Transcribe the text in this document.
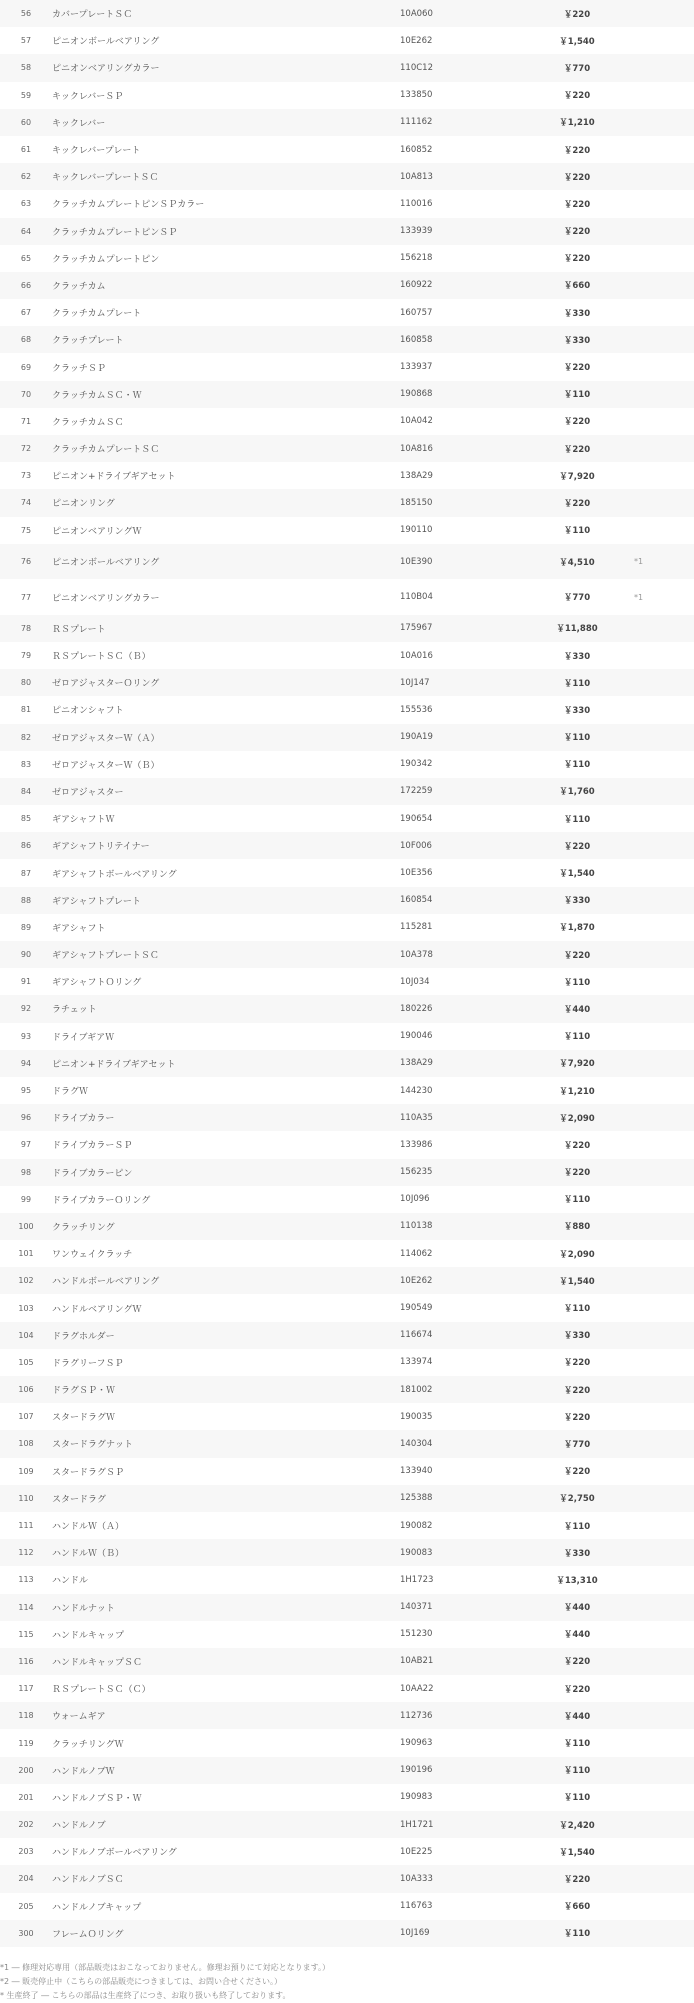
56	カバープレートＳＣ	10A060	￥220	
57	ピニオンボールベアリング	10E262	￥1,540	
58	ピニオンベアリングカラー	110C12	￥770	
59	キックレバーＳＰ	133850	￥220	
60	キックレバー	111162	￥1,210	
61	キックレバープレート	160852	￥220	
62	キックレバープレートＳＣ	10A813	￥220	
63	クラッチカムプレートピンＳＰカラー	110016	￥220	
64	クラッチカムプレートピンＳＰ	133939	￥220	
65	クラッチカムプレートピン	156218	￥220	
66	クラッチカム	160922	￥660	
67	クラッチカムプレート	160757	￥330	
68	クラッチプレート	160858	￥330	
69	クラッチＳＰ	133937	￥220	
70	クラッチカムＳＣ・Ｗ	190868	￥110	
71	クラッチカムＳＣ	10A042	￥220	
72	クラッチカムプレートＳＣ	10A816	￥220	
73	ピニオン+ドライブギアセット	138A29	￥7,920	
74	ピニオンリング	185150	￥220	
75	ピニオンベアリングＷ	190110	￥110	
76	ピニオンボールベアリング	10E390	￥4,510	*1
77	ピニオンベアリングカラー	110B04	￥770	*1
78	ＲＳプレート	175967	￥11,880	
79	ＲＳプレートＳＣ（Ｂ）	10A016	￥330	
80	ゼロアジャスターＯリング	10J147	￥110	
81	ピニオンシャフト	155536	￥330	
82	ゼロアジャスターＷ（Ａ）	190A19	￥110	
83	ゼロアジャスターＷ（Ｂ）	190342	￥110	
84	ゼロアジャスター	172259	￥1,760	
85	ギアシャフトＷ	190654	￥110	
86	ギアシャフトリテイナー	10F006	￥220	
87	ギアシャフトボールベアリング	10E356	￥1,540	
88	ギアシャフトプレート	160854	￥330	
89	ギアシャフト	115281	￥1,870	
90	ギアシャフトプレートＳＣ	10A378	￥220	
91	ギアシャフトＯリング	10J034	￥110	
92	ラチェット	180226	￥440	
93	ドライブギアＷ	190046	￥110	
94	ピニオン+ドライブギアセット	138A29	￥7,920	
95	ドラグＷ	144230	￥1,210	
96	ドライブカラー	110A35	￥2,090	
97	ドライブカラーＳＰ	133986	￥220	
98	ドライブカラーピン	156235	￥220	
99	ドライブカラーＯリング	10J096	￥110	
100	クラッチリング	110138	￥880	
101	ワンウェイクラッチ	114062	￥2,090	
102	ハンドルボールベアリング	10E262	￥1,540	
103	ハンドルベアリングＷ	190549	￥110	
104	ドラグホルダー	116674	￥330	
105	ドラグリーフＳＰ	133974	￥220	
106	ドラグＳＰ・Ｗ	181002	￥220	
107	スタードラグＷ	190035	￥220	
108	スタードラグナット	140304	￥770	
109	スタードラグＳＰ	133940	￥220	
110	スタードラグ	125388	￥2,750	
111	ハンドルＷ（Ａ）	190082	￥110	
112	ハンドルＷ（Ｂ）	190083	￥330	
113	ハンドル	1H1723	￥13,310	
114	ハンドルナット	140371	￥440	
115	ハンドルキャップ	151230	￥440	
116	ハンドルキャップＳＣ	10AB21	￥220	
117	ＲＳプレートＳＣ（Ｃ）	10AA22	￥220	
118	ウォームギア	112736	￥440	
119	クラッチリングＷ	190963	￥110	
200	ハンドルノブＷ	190196	￥110	
201	ハンドルノブＳＰ・Ｗ	190983	￥110	
202	ハンドルノブ	1H1721	￥2,420	
203	ハンドルノブボールベアリング	10E225	￥1,540	
204	ハンドルノブＳＣ	10A333	￥220	
205	ハンドルノブキャップ	116763	￥660	
300	フレームＯリング	10J169	￥110	
*1 ― 修理対応専用（部品販売はおこなっておりません。修理お預りにて対応となります。）
*2 ― 販売停止中（こちらの部品販売につきましては、お問い合せください。）
* 生産終了 ― こちらの部品は生産終了につき、お取り扱いも終了しております。
